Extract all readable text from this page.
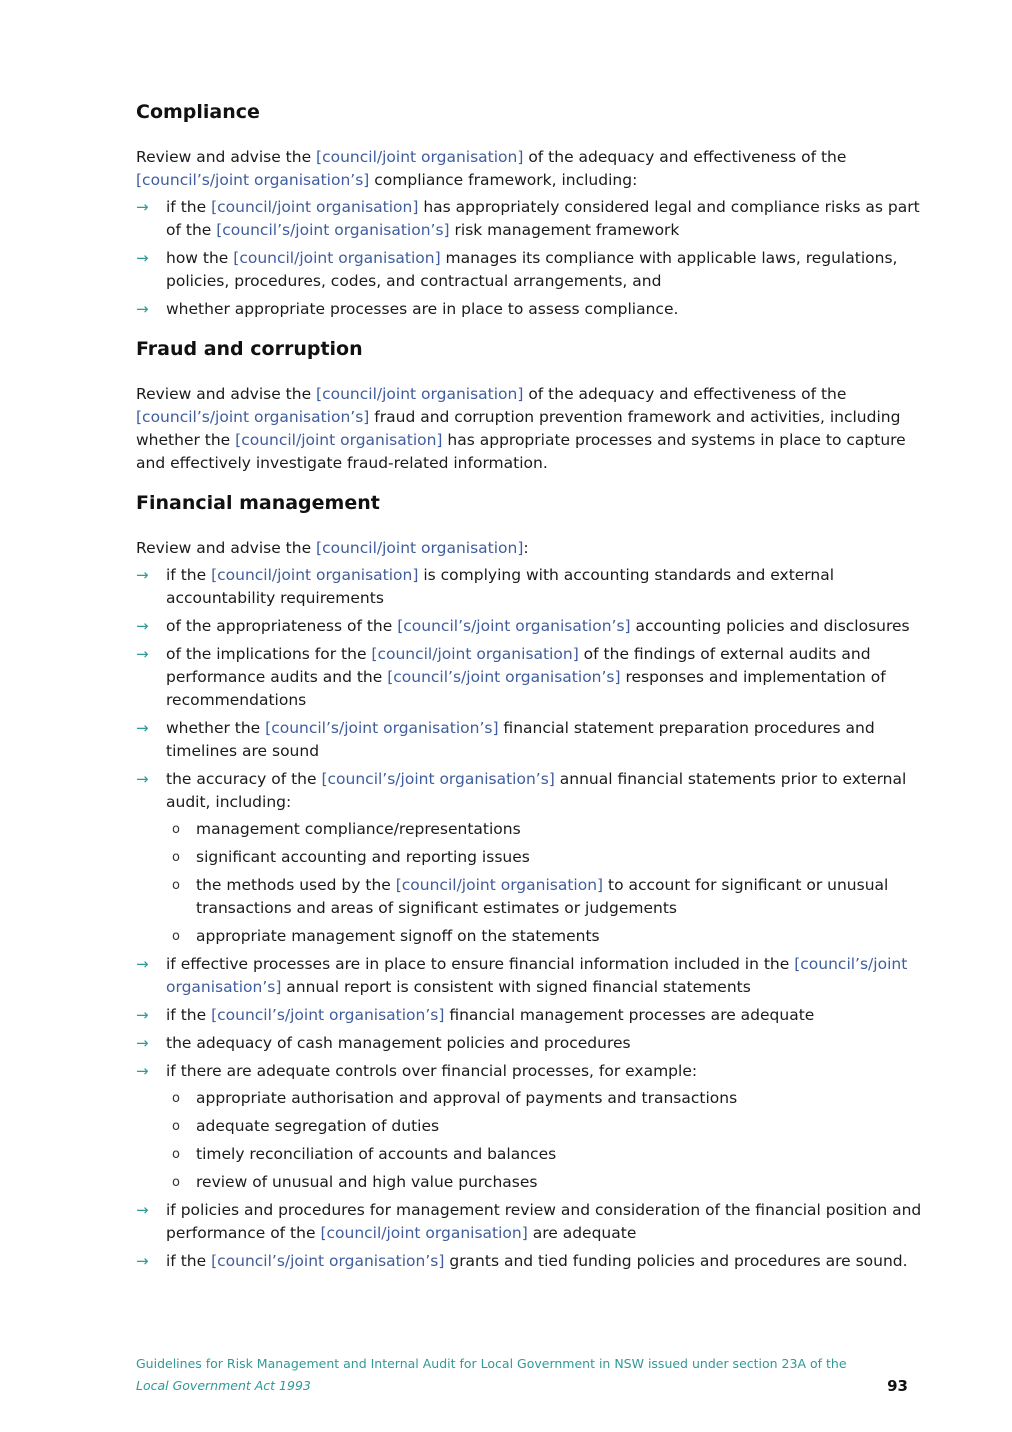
Compliance

Review and advise the [council/joint organisation] of the adequacy and effectiveness of the [council’s/joint organisation’s] compliance framework, including:

→ if the [council/joint organisation] has appropriately considered legal and compliance risks as part of the [council’s/joint organisation’s] risk management framework
→ how the [council/joint organisation] manages its compliance with applicable laws, regulations, policies, procedures, codes, and contractual arrangements, and
→ whether appropriate processes are in place to assess compliance.
Fraud and corruption

Review and advise the [council/joint organisation] of the adequacy and effectiveness of the [council’s/joint organisation’s] fraud and corruption prevention framework and activities, including whether the [council/joint organisation] has appropriate processes and systems in place to capture and effectively investigate fraud-related information.

Financial management

Review and advise the [council/joint organisation]:

→ if the [council/joint organisation] is complying with accounting standards and external accountability requirements
→ of the appropriateness of the [council’s/joint organisation’s] accounting policies and disclosures
→ of the implications for the [council/joint organisation] of the findings of external audits and performance audits and the [council’s/joint organisation’s] responses and implementation of recommendations
→ whether the [council’s/joint organisation’s] financial statement preparation procedures and timelines are sound
→ the accuracy of the [council’s/joint organisation’s] annual financial statements prior to external audit, including:
o management compliance/representations
o significant accounting and reporting issues
o the methods used by the [council/joint organisation] to account for significant or unusual transactions and areas of significant estimates or judgements
o appropriate management signoff on the statements
→ if effective processes are in place to ensure financial information included in the [council’s/joint organisation’s] annual report is consistent with signed financial statements
→ if the [council’s/joint organisation’s] financial management processes are adequate
→ the adequacy of cash management policies and procedures
→ if there are adequate controls over financial processes, for example:
o appropriate authorisation and approval of payments and transactions
o adequate segregation of duties
o timely reconciliation of accounts and balances
o review of unusual and high value purchases
→ if policies and procedures for management review and consideration of the financial position and performance of the [council/joint organisation] are adequate
→ if the [council’s/joint organisation’s] grants and tied funding policies and procedures are sound.
Guidelines for Risk Management and Internal Audit for Local Government in NSW issued under section 23A of the Local Government Act 1993	93
